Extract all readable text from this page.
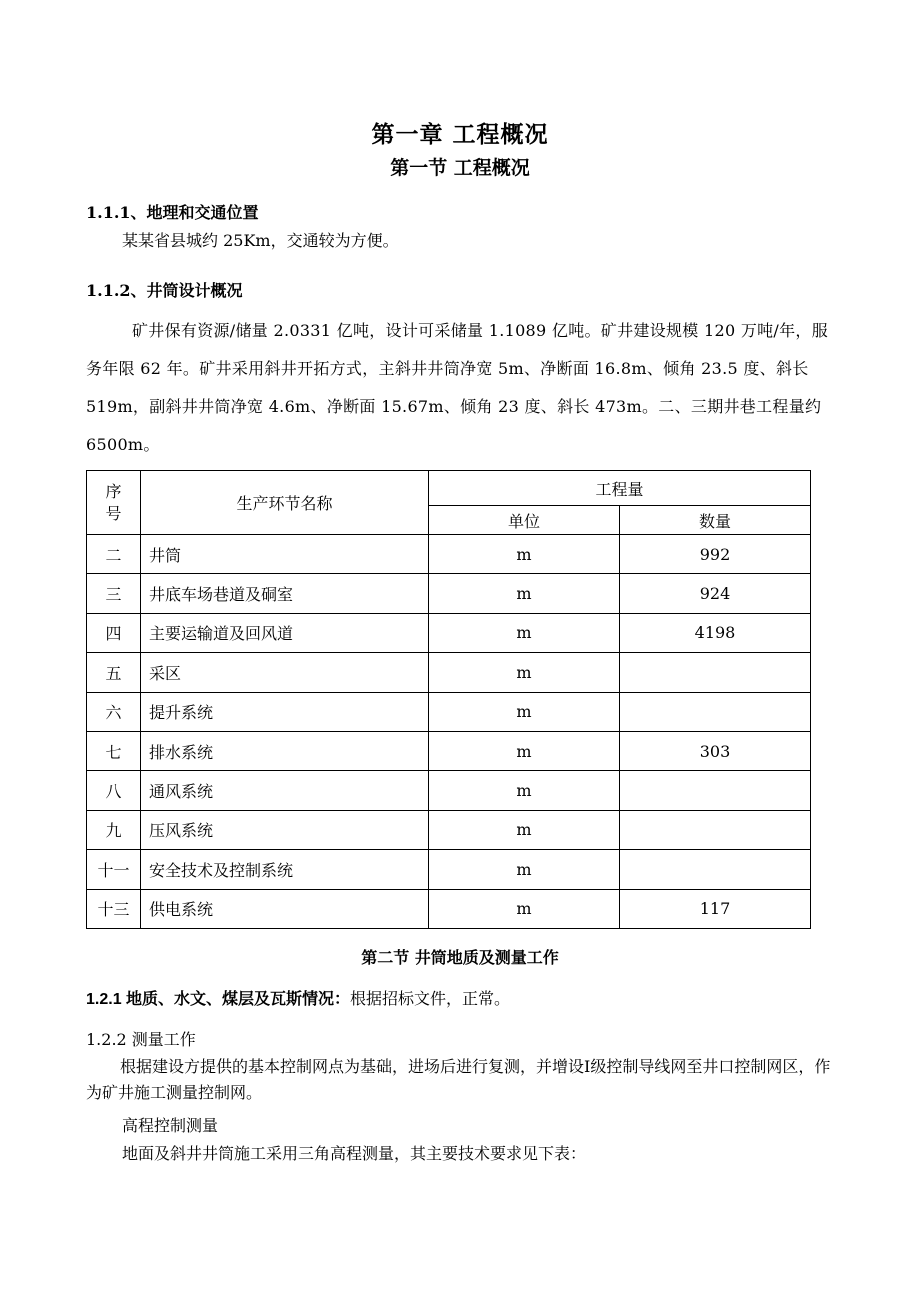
第一章 工程概况
第一节 工程概况
1.1.1、地理和交通位置
某某省县城约 25Km，交通较为方便。
1.1.2、井筒设计概况
矿井保有资源/储量 2.0331 亿吨，设计可采储量 1.1089 亿吨。矿井建设规模 120 万吨/年，服务年限 62 年。矿井采用斜井开拓方式，主斜井井筒净宽 5m、净断面 16.8m、倾角 23.5 度、斜长 519m，副斜井井筒净宽 4.6m、净断面 15.67m、倾角 23 度、斜长 473m。二、三期井巷工程量约 6500m。
序
号	生产环节名称	工程量	
		单位	数量
二	井筒	m	992
三	井底车场巷道及硐室	m	924
四	主要运输道及回风道	m	4198
五	采区	m	
六	提升系统	m	
七	排水系统	m	303
八	通风系统	m	
九	压风系统	m	
十一	安全技术及控制系统	m	
十三	供电系统	m	117
第二节 井筒地质及测量工作
1.2.1 地质、水文、煤层及瓦斯情况：根据招标文件，正常。
1.2.2 测量工作
根据建设方提供的基本控制网点为基础，进场后进行复测，并增设Ⅰ级控制导线网至井口控制网区，作为矿井施工测量控制网。
高程控制测量
地面及斜井井筒施工采用三角高程测量，其主要技术要求见下表：
